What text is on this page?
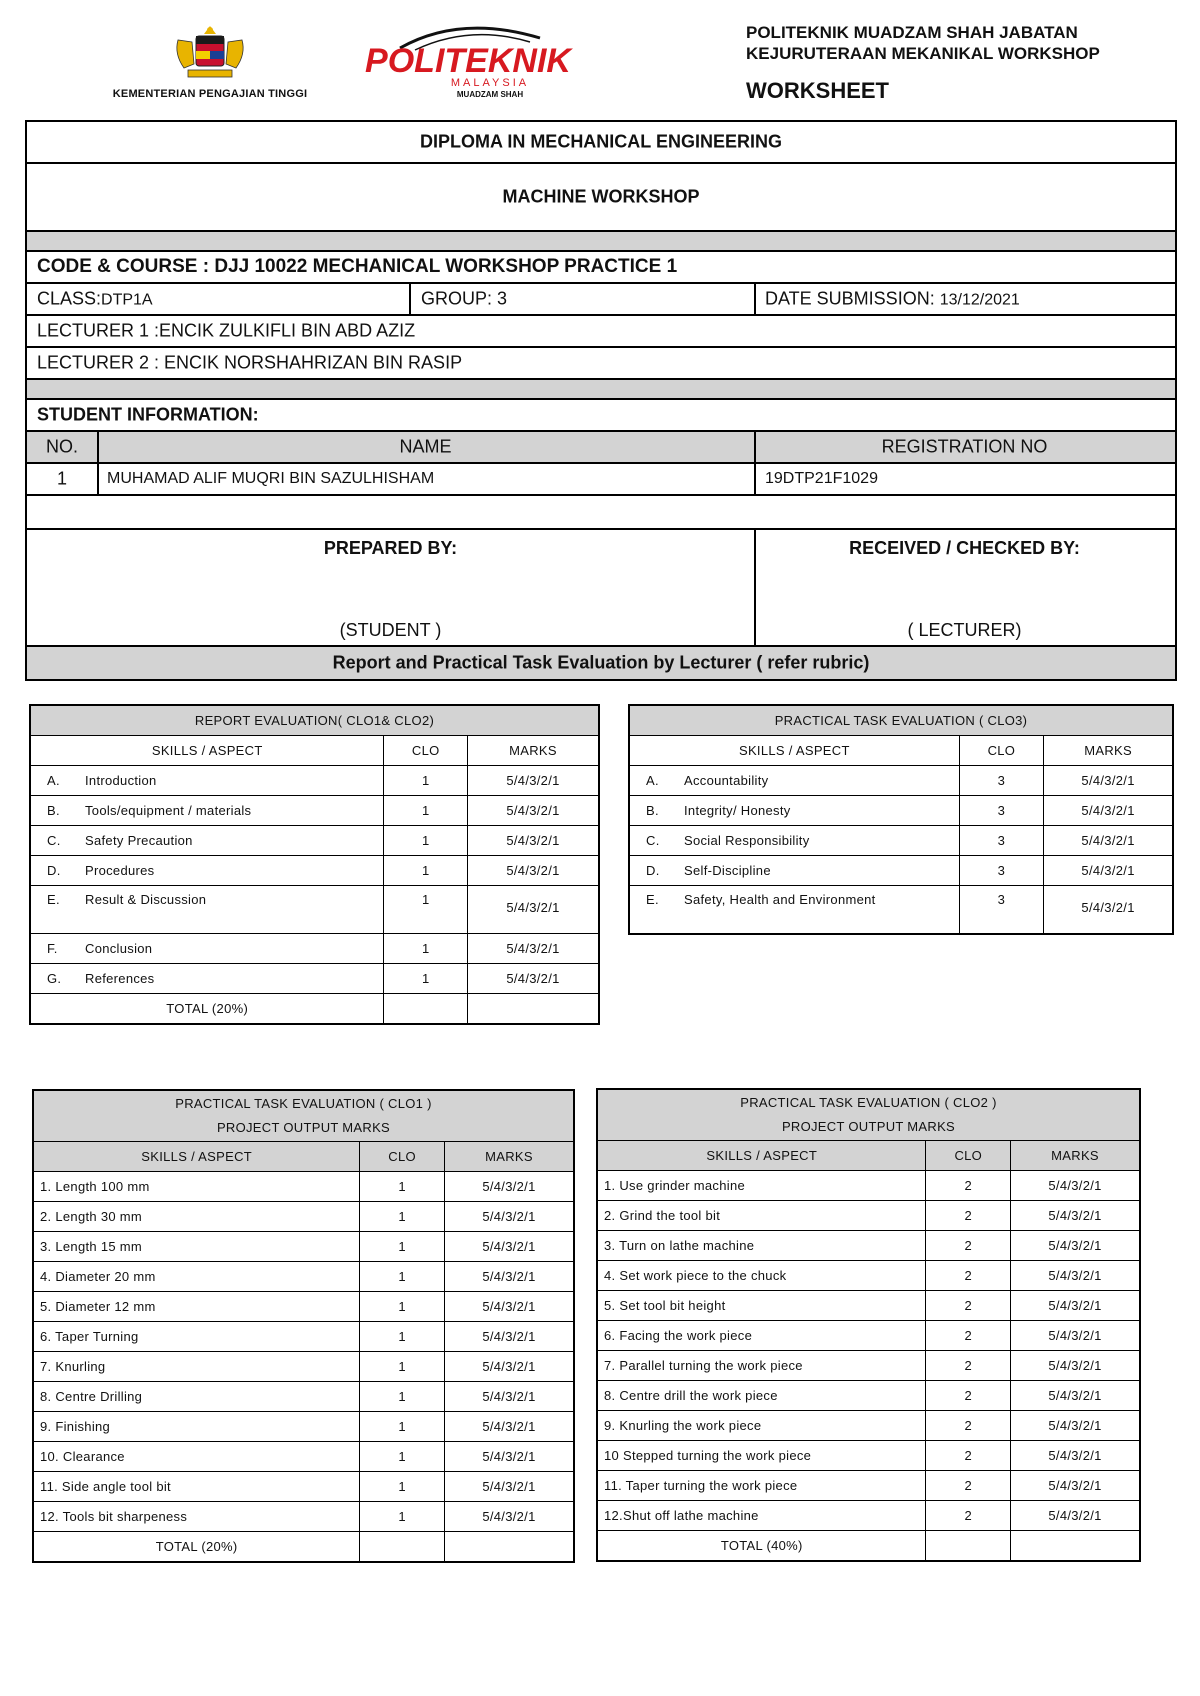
KEMENTERIAN PENGAJIAN TINGGI
POLITEKNIK
MALAYSIA
MUADZAM SHAH
POLITEKNIK MUADZAM SHAH JABATAN
KEJURUTERAAN MEKANIKAL WORKSHOP
WORKSHEET
DIPLOMA IN MECHANICAL ENGINEERING
MACHINE WORKSHOP
CODE & COURSE : DJJ 10022 MECHANICAL WORKSHOP PRACTICE 1
CLASS:DTP1A	GROUP: 3	DATE SUBMISSION: 13/12/2021
LECTURER 1 :ENCIK ZULKIFLI BIN ABD AZIZ
LECTURER 2 : ENCIK NORSHAHRIZAN BIN RASIP
STUDENT INFORMATION:
NO.	NAME	REGISTRATION NO
1	MUHAMAD ALIF MUQRI BIN SAZULHISHAM	19DTP21F1029
PREPARED BY:
(STUDENT )
RECEIVED / CHECKED BY:
( LECTURER)
Report and Practical Task Evaluation by Lecturer ( refer rubric)
REPORT EVALUATION( CLO1& CLO2)		
SKILLS / ASPECT	CLO	MARKS
A. Introduction	1	5/4/3/2/1
B. Tools/equipment / materials	1	5/4/3/2/1
C. Safety Precaution	1	5/4/3/2/1
D. Procedures	1	5/4/3/2/1
E. Result & Discussion	1	5/4/3/2/1
F. Conclusion	1	5/4/3/2/1
G. References	1	5/4/3/2/1
TOTAL (20%)		
PRACTICAL TASK EVALUATION ( CLO3)		
SKILLS / ASPECT	CLO	MARKS
A. Accountability	3	5/4/3/2/1
B. Integrity/ Honesty	3	5/4/3/2/1
C. Social Responsibility	3	5/4/3/2/1
D. Self-Discipline	3	5/4/3/2/1
E. Safety, Health and Environment	3	5/4/3/2/1
PRACTICAL TASK EVALUATION ( CLO1 )
PROJECT OUTPUT MARKS		

SKILLS / ASPECT	CLO	MARKS
1. Length 100 mm	1	5/4/3/2/1
2. Length 30 mm	1	5/4/3/2/1
3. Length 15 mm	1	5/4/3/2/1
4. Diameter 20 mm	1	5/4/3/2/1
5. Diameter 12 mm	1	5/4/3/2/1
6. Taper Turning	1	5/4/3/2/1
7. Knurling	1	5/4/3/2/1
8. Centre Drilling	1	5/4/3/2/1
9. Finishing	1	5/4/3/2/1
10. Clearance	1	5/4/3/2/1
11. Side angle tool bit	1	5/4/3/2/1
12. Tools bit sharpeness	1	5/4/3/2/1
TOTAL (20%)		
PRACTICAL TASK EVALUATION ( CLO2 )
PROJECT OUTPUT MARKS		

SKILLS / ASPECT	CLO	MARKS
1. Use grinder machine	2	5/4/3/2/1
2. Grind the tool bit	2	5/4/3/2/1
3. Turn on lathe machine	2	5/4/3/2/1
4. Set work piece to the chuck	2	5/4/3/2/1
5. Set tool bit height	2	5/4/3/2/1
6. Facing the work piece	2	5/4/3/2/1
7. Parallel turning the work piece	2	5/4/3/2/1
8. Centre drill the work piece	2	5/4/3/2/1
9. Knurling the work piece	2	5/4/3/2/1
10 Stepped turning the work piece	2	5/4/3/2/1
11. Taper turning the work piece	2	5/4/3/2/1
12.Shut off lathe machine	2	5/4/3/2/1
TOTAL (40%)		
